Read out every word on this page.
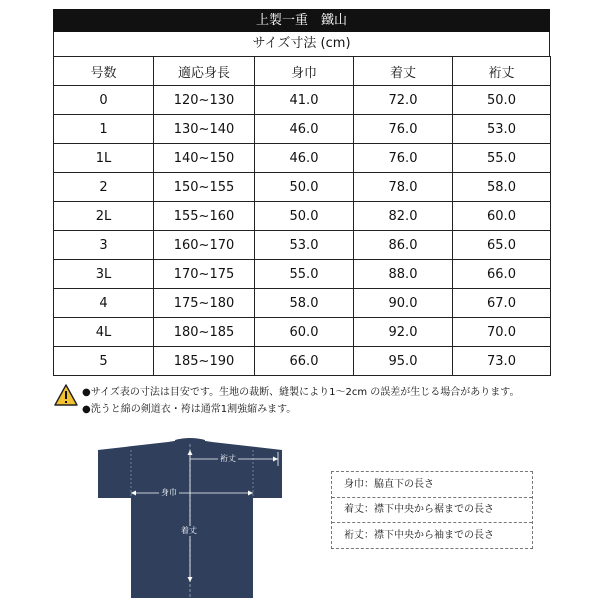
上製一重　鐵山
サイズ寸法 (cm)
号数	適応身長	身巾	着丈	裄丈
0	120~130	41.0	72.0	50.0
1	130~140	46.0	76.0	53.0
1L	140~150	46.0	76.0	55.0
2	150~155	50.0	78.0	58.0
2L	155~160	50.0	82.0	60.0
3	160~170	53.0	86.0	65.0
3L	170~175	55.0	88.0	66.0
4	175~180	58.0	90.0	67.0
4L	180~185	60.0	92.0	70.0
5	185~190	66.0	95.0	73.0
●サイズ表の寸法は目安です。生地の裁断、縫製により1～2cm の誤差が生じる場合があります。
●洗うと綿の剣道衣・袴は通常1割強縮みます。
裄丈
身巾
着丈
身巾：脇直下の長さ
着丈：襟下中央から裾までの長さ
裄丈：襟下中央から袖までの長さ
